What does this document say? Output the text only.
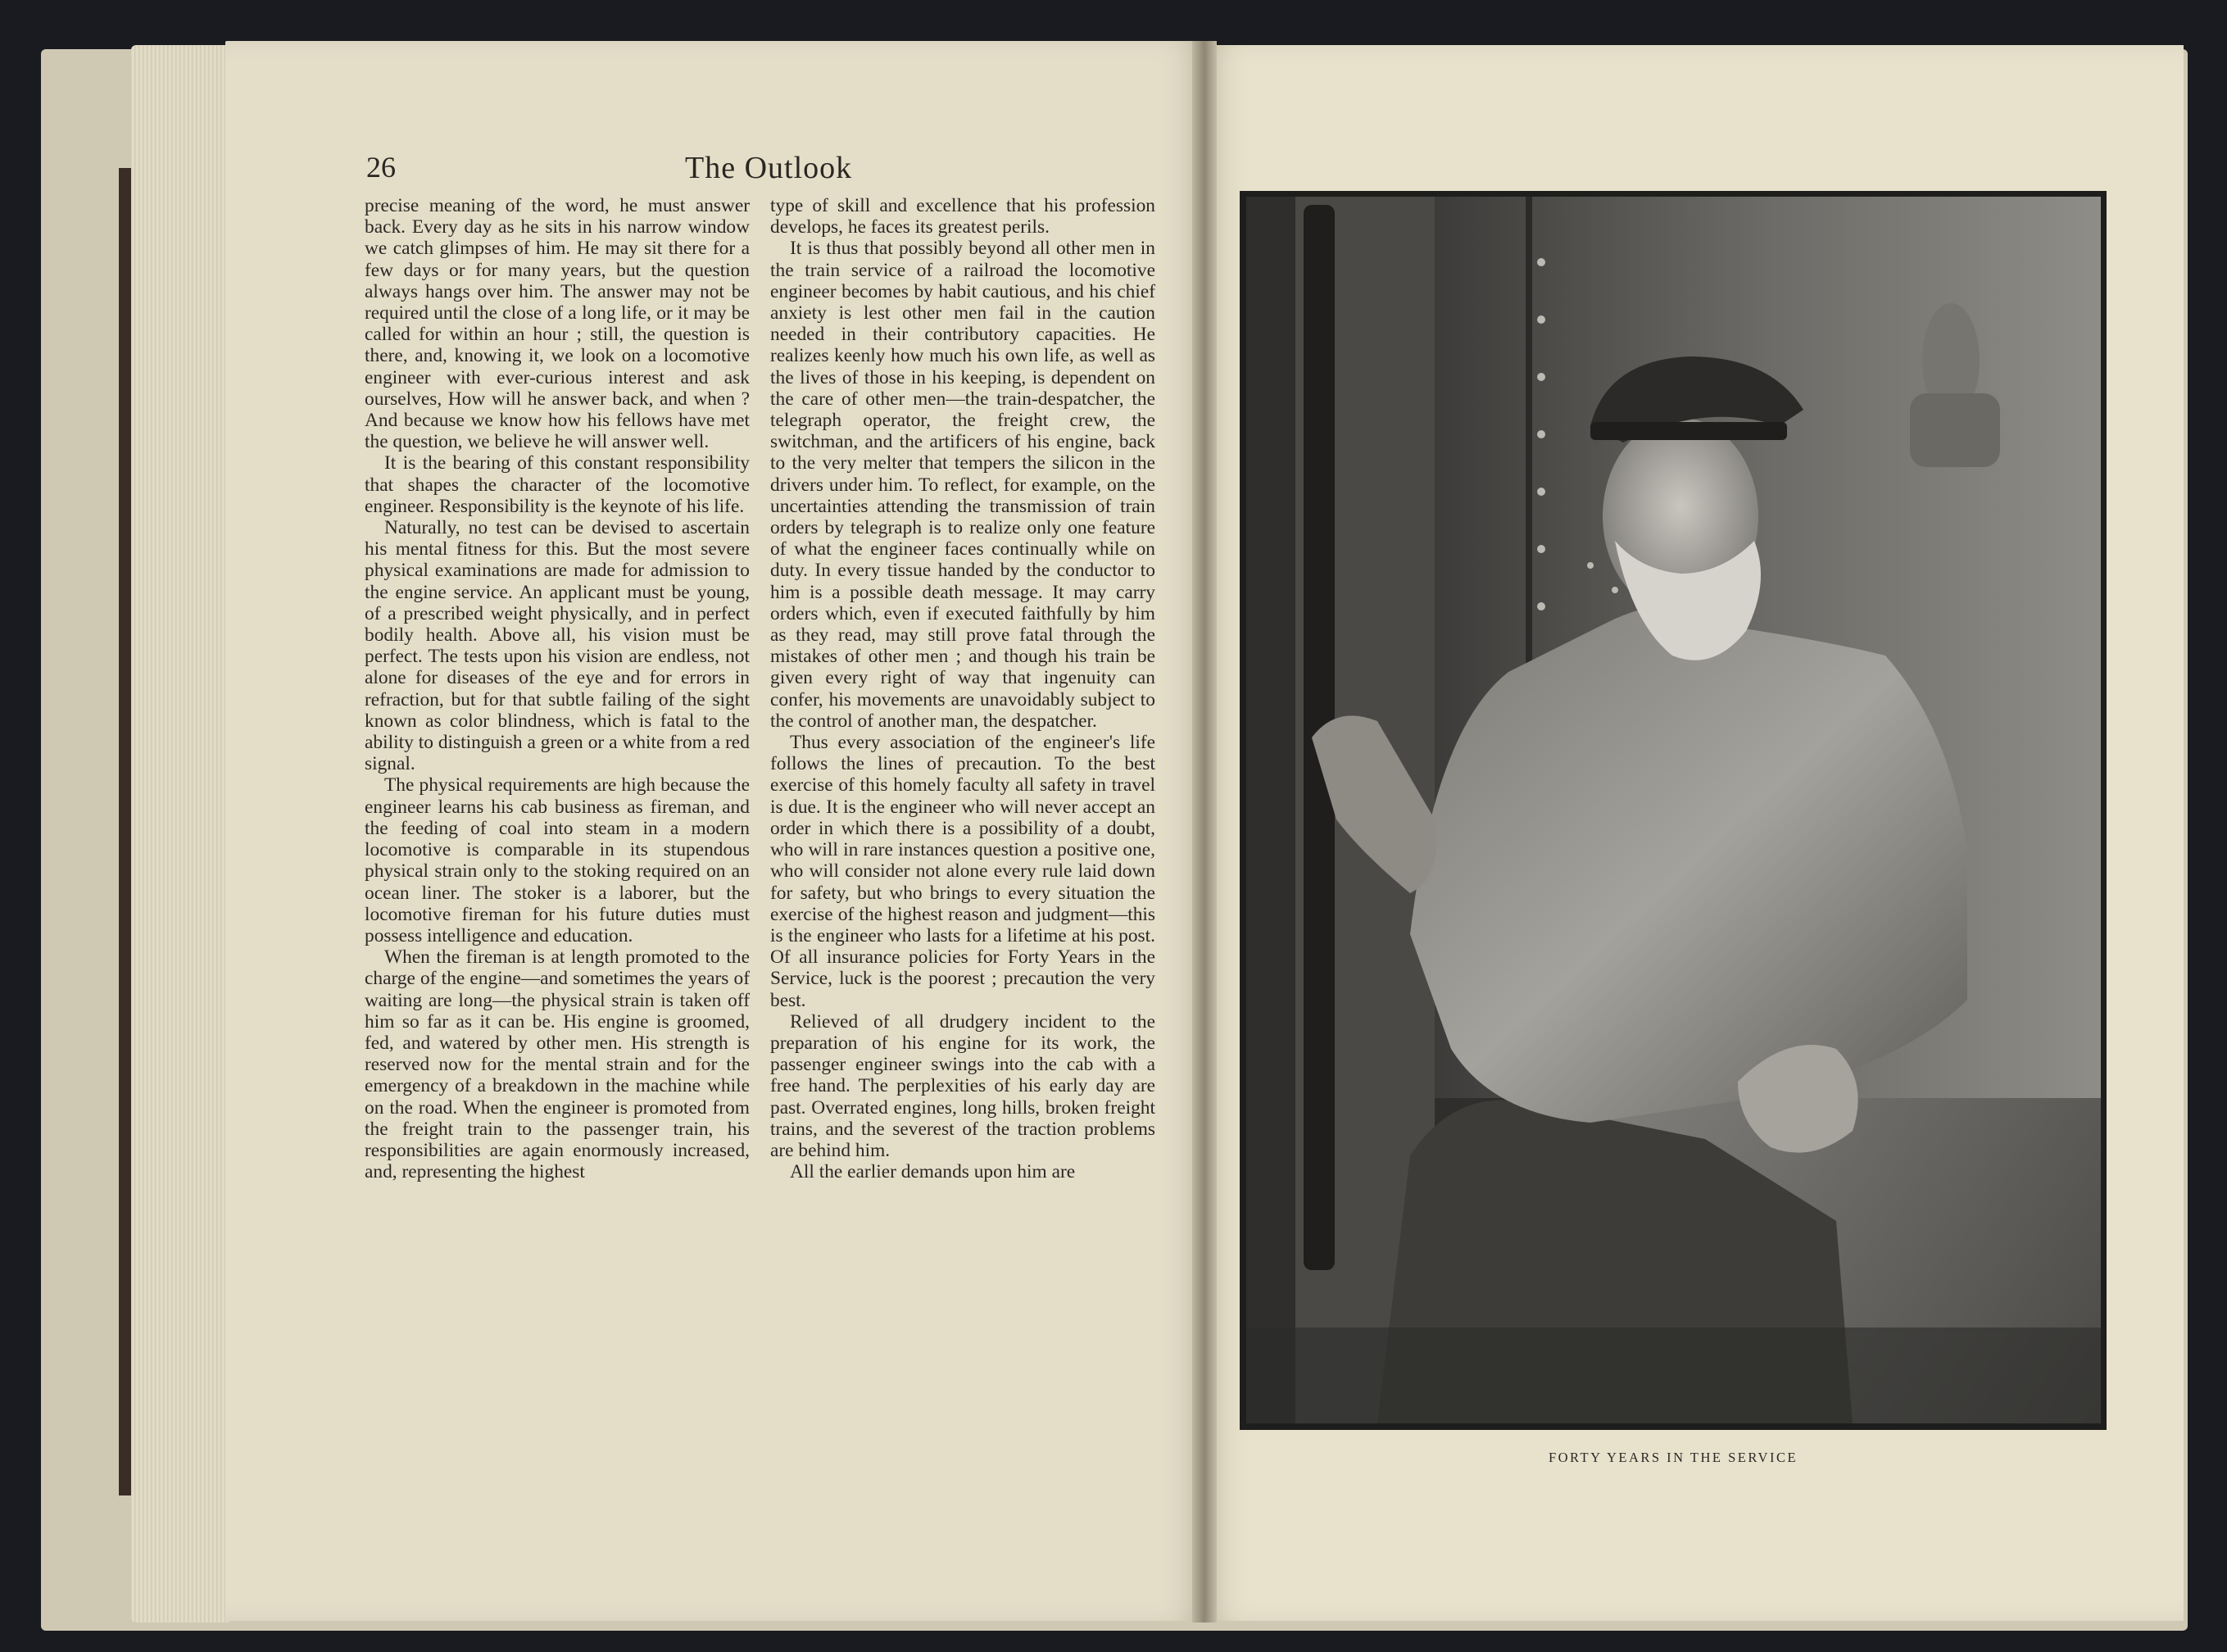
26	The Outlook

precise meaning of the word, he must answer back. Every day as he sits in his narrow window we catch glimpses of him. He may sit there for a few days or for many years, but the question always hangs over him. The answer may not be required until the close of a long life, or it may be called for within an hour ; still, the question is there, and, knowing it, we look on a locomotive engineer with ever-curious interest and ask ourselves, How will he answer back, and when ? And because we know how his fellows have met the question, we believe he will answer well.

It is the bearing of this constant responsibility that shapes the character of the locomotive engineer. Responsibility is the keynote of his life.

Naturally, no test can be devised to ascertain his mental fitness for this. But the most severe physical examinations are made for admission to the engine service. An applicant must be young, of a prescribed weight physically, and in perfect bodily health. Above all, his vision must be perfect. The tests upon his vision are endless, not alone for diseases of the eye and for errors in refraction, but for that subtle failing of the sight known as color blindness, which is fatal to the ability to distinguish a green or a white from a red signal.

The physical requirements are high because the engineer learns his cab business as fireman, and the feeding of coal into steam in a modern locomotive is comparable in its stupendous physical strain only to the stoking required on an ocean liner. The stoker is a laborer, but the locomotive fireman for his future duties must possess intelligence and education.

When the fireman is at length promoted to the charge of the engine—and sometimes the years of waiting are long—the physical strain is taken off him so far as it can be. His engine is groomed, fed, and watered by other men. His strength is reserved now for the mental strain and for the emergency of a breakdown in the machine while on the road. When the engineer is promoted from the freight train to the passenger train, his responsibilities are again enormously increased, and, representing the highest

type of skill and excellence that his profession develops, he faces its greatest perils.

It is thus that possibly beyond all other men in the train service of a railroad the locomotive engineer becomes by habit cautious, and his chief anxiety is lest other men fail in the caution needed in their contributory capacities. He realizes keenly how much his own life, as well as the lives of those in his keeping, is dependent on the care of other men—the train-despatcher, the telegraph operator, the freight crew, the switchman, and the artificers of his engine, back to the very melter that tempers the silicon in the drivers under him. To reflect, for example, on the uncertainties attending the transmission of train orders by telegraph is to realize only one feature of what the engineer faces continually while on duty. In every tissue handed by the conductor to him is a possible death message. It may carry orders which, even if executed faithfully by him as they read, may still prove fatal through the mistakes of other men ; and though his train be given every right of way that ingenuity can confer, his movements are unavoidably subject to the control of another man, the despatcher.

Thus every association of the engineer's life follows the lines of precaution. To the best exercise of this homely faculty all safety in travel is due. It is the engineer who will never accept an order in which there is a possibility of a doubt, who will in rare instances question a positive one, who will consider not alone every rule laid down for safety, but who brings to every situation the exercise of the highest reason and judgment—this is the engineer who lasts for a lifetime at his post. Of all insurance policies for Forty Years in the Service, luck is the poorest ; precaution the very best.

Relieved of all drudgery incident to the preparation of his engine for its work, the passenger engineer swings into the cab with a free hand. The perplexities of his early day are past. Overrated engines, long hills, broken freight trains, and the severest of the traction problems are behind him.

All the earlier demands upon him are

FORTY YEARS IN THE SERVICE
